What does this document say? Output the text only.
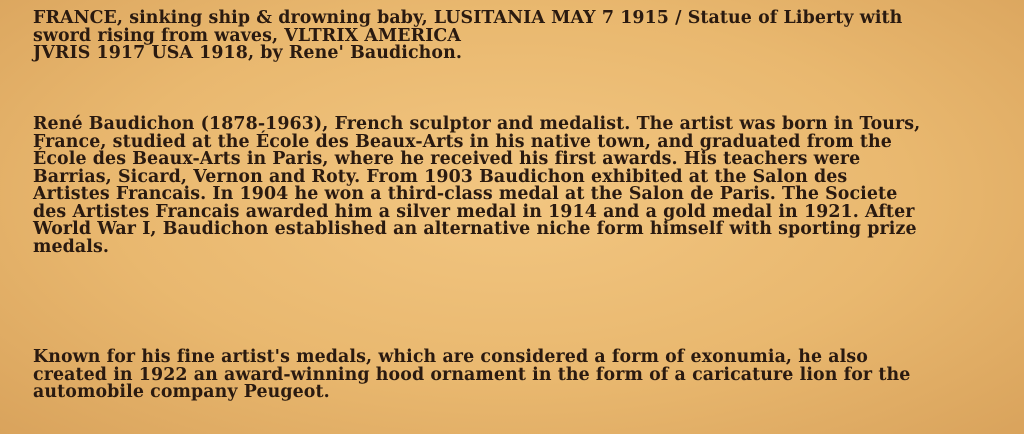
FRANCE, sinking ship & drowning baby, LUSITANIA MAY 7 1915 / Statue of Liberty with
sword rising from waves, VLTRIX AMERICA
JVRIS 1917 USA 1918, by Rene' Baudichon.
René Baudichon (1878-1963), French sculptor and medalist. The artist was born in Tours,
France, studied at the École des Beaux-Arts in his native town, and graduated from the
École des Beaux-Arts in Paris, where he received his first awards. His teachers were
Barrias, Sicard, Vernon and Roty. From 1903 Baudichon exhibited at the Salon des
Artistes Francais. In 1904 he won a third-class medal at the Salon de Paris. The Societe
des Artistes Francais awarded him a silver medal in 1914 and a gold medal in 1921. After
World War I, Baudichon established an alternative niche form himself with sporting prize
medals.
Known for his fine artist's medals, which are considered a form of exonumia, he also
created in 1922 an award-winning hood ornament in the form of a caricature lion for the
automobile company Peugeot.
